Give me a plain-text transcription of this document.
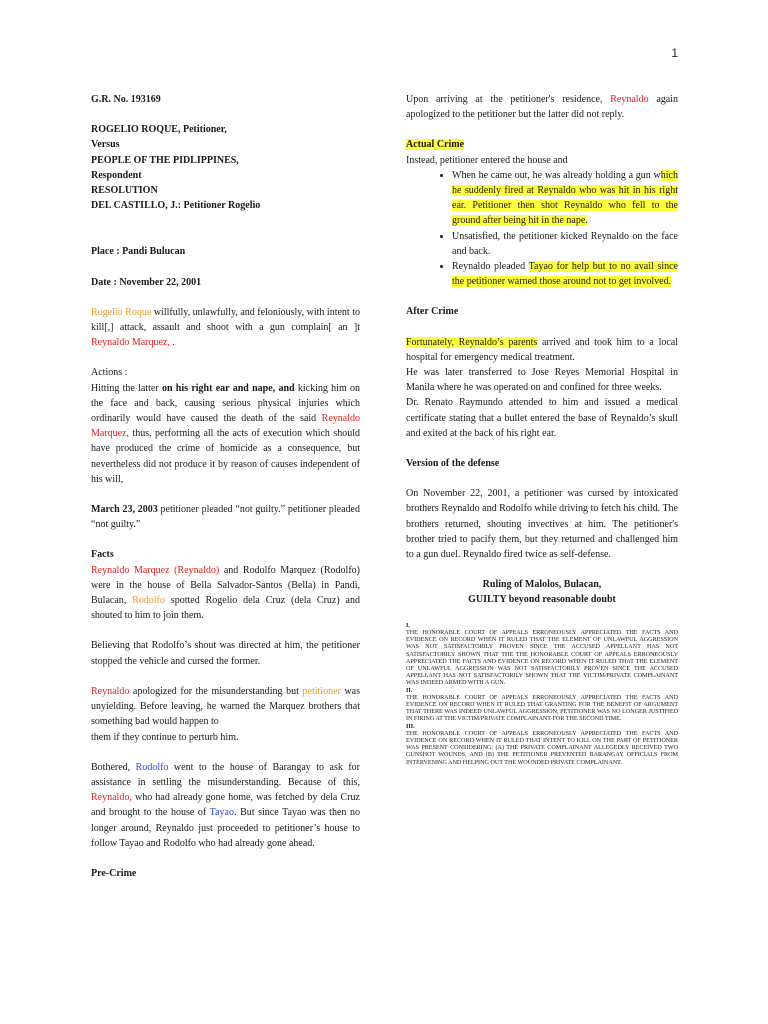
1
G.R. No. 193169
ROGELIO ROQUE, Petitioner,
Versus
PEOPLE OF THE PIDLIPPINES,
Respondent
RESOLUTION
DEL CASTILLO, J.: Petitioner Rogelio
Place : Pandi Bulucan
Date : November 22, 2001

Rogelio Roque willfully, unlawfully, and feloniously, with intent to kill[,] attack, assault and shoot with a gun complain[ an ]t Reynaldo Marquez, .

Actions :

Hitting the latter on his right ear and nape, and kicking him on the face and back, causing serious physical injuries which ordinarily would have caused the death of the said Reynaldo Marquez, thus, performing all the acts of execution which should have produced the crime of homicide as a consequence, but nevertheless did not produce it by reason of causes independent of his will,

March 23, 2003 petitioner pleaded “not guilty.” petitioner pleaded “not guilty.”

Facts

Reynaldo Marquez (Reynaldo) and Rodolfo Marquez (Rodolfo) were in the house of Bella Salvador-Santos (Bella) in Pandi, Bulacan, Rodolfo spotted Rogelio dela Cruz (dela Cruz) and shouted to him to join them.

Believing that Rodolfo’s shout was directed at him, the petitioner stopped the vehicle and cursed the former.

Reynaldo apologized for the misunderstanding but petitioner was unyielding. Before leaving, he warned the Marquez brothers that something bad would happen to

them if they continue to perturb him.

Bothered, Rodolfo went to the house of Barangay to ask for assistance in settling the misunderstanding. Because of this, Reynaldo, who had already gone home, was fetched by dela Cruz and brought to the house of Tayao. But since Tayao was then no longer around, Reynaldo just proceeded to petitioner’s house to follow Tayao and Rodolfo who had already gone ahead.

Pre-Crime

Upon arriving at the petitioner's residence, Reynaldo again apologized to the petitioner but the latter did not reply.

Actual Crime
Instead, petitioner entered the house and
• When he came out, he was already holding a gun which he suddenly fired at Reynaldo who was hit in his right ear. Petitioner then shot Reynaldo who fell to the ground after being hit in the nape.
• Unsatisfied, the petitioner kicked Reynaldo on the face and back.
• Reynaldo pleaded Tayao for help but to no avail since the petitioner warned those around not to get involved.
After Crime

Fortunately, Reynaldo’s parents arrived and took him to a local hospital for emergency medical treatment.

He was later transferred to Jose Reyes Memorial Hospital in Manila where he was operated on and confined for three weeks.

Dr. Renato Raymundo attended to him and issued a medical certificate stating that a bullet entered the base of Reynaldo’s skull and exited at the back of his right ear.

Version of the defense

On November 22, 2001, a petitioner was cursed by intoxicated brothers Reynaldo and Rodolfo while driving to fetch his child. The brothers returned, shouting invectives at him. The petitioner's brother tried to pacify them, but they returned and challenged him to a gun duel. Reynaldo fired twice as self-defense.

Ruling of Malolos, Bulacan,
GUILTY beyond reasonable doubt
I.
THE HONORABLE COURT OF APPEALS ERRONEOUSLY APPRECIATED THE FACTS AND EVIDENCE ON RECORD WHEN IT RULED THAT THE ELEMENT OF UNLAWFUL AGGRESSION WAS NOT SATISFACTORILY PROVEN SINCE THE ACCUSED APPELLANT HAS NOT SATISFACTORILY SHOWN THAT THE THE HONORABLE COURT OF APPEALS ERRONEOUSLY APPRECIATED THE FACTS AND EVIDENCE ON RECORD WHEN IT RULED THAT THE ELEMENT OF UNLAWFUL AGGRESSION WAS NOT SATISFACTORILY PROVEN SINCE THE ACCUSED APPELLANT HAS NOT SATISFACTORILY SHOWN THAT THE VICTIM/PRIVATE COMPLAINANT WAS INDEED ARMED WITH A GUN.
II.
THE HONORABLE COURT OF APPEALS ERRONEOUSLY APPRECIATED THE FACTS AND EVIDENCE ON RECORD WHEN IT RULED THAT GRANTING FOR THE BENEFIT OF ARGUMENT THAT THERE WAS INDEED UNLAWFUL AGGRESSION, PETITIONER WAS NO LONGER JUSTIFIED IN FIRING AT THE VICTIM/PRIVATE COMPLAINANT FOR THE SECOND TIME.
III.
THE HONORABLE COURT OF APPEALS ERRONEOUSLY APPRECIATED THE FACTS AND EVIDENCE ON RECORD WHEN IT RULED THAT INTENT TO KILL ON THE PART OF PETITIONER WAS PRESENT CONSIDERING: (A) THE PRIVATE COMPLAINANT ALLEGEDLY RECEIVED TWO GUNSHOT WOUNDS, AND (B) THE PETITIONER PREVENTED BARANGAY OFFICIALS FROM INTERVENING AND HELPING OUT THE WOUNDED PRIVATE COMPLAINANT.
